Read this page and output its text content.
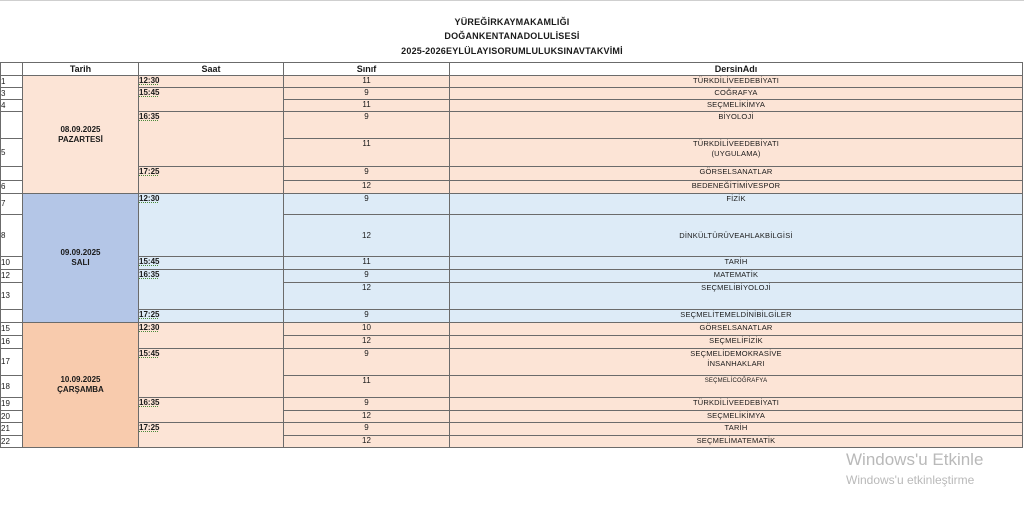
YÜREĞİRKAYMAKAMLIĞI
DOĞANKENTANADOLULİSESİ
2025-2026EYLÜLAYISORUMLULUKSINAVTAKVİMİ
	Tarih	Saat	Sınıf	DersinAdı
1	08.09.2025
PAZARTESİ	12:30	11	TÜRKDİLİVEEDEBİYATI
3		15:45	9	COĞRAFYA
4			11	SEÇMELİKİMYA
		16:35	9	BİYOLOJİ
5			11	TÜRKDİLİVEEDEBİYATI
(UYGULAMA)

		17:25	9	GÖRSELSANATLAR
6			12	BEDENEĞİTİMİVESPOR
7	09.09.2025
SALI	12:30	9	FİZİK
8			12	DİNKÜLTÜRÜVEAHLAKBİLGİSİ
10		15:45	11	TARİH
12		16:35	9	MATEMATİK
13			12	SEÇMELİBİYOLOJİ
		17:25	9	SEÇMELİTEMELDİNİBİLGİLER
15	10.09.2025
ÇARŞAMBA	12:30	10	GÖRSELSANATLAR
16			12	SEÇMELİFİZİK
17		15:45	9	SEÇMELİDEMOKRASİVE
İNSANHAKLARI

18			11	SEÇMELİCOĞRAFYA
19		16:35	9	TÜRKDİLİVEEDEBİYATI
20			12	SEÇMELİKİMYA
21		17:25	9	TARİH
22			12	SEÇMELİMATEMATİK
Windows'u Etkinle
Windows'u etkinleştirme
